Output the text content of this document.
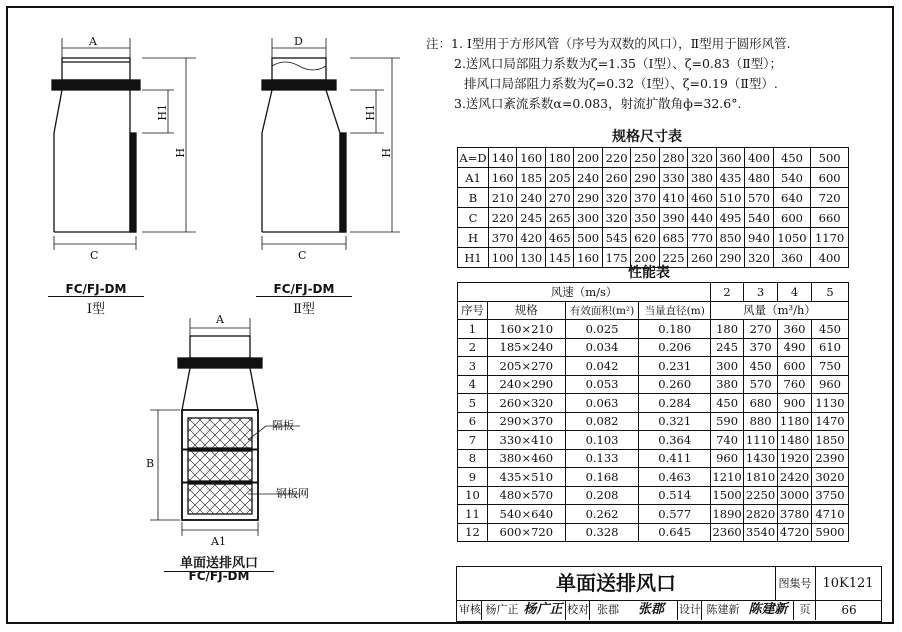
A
H1
H
C
FC/FJ-DM
Ⅰ型
D
H1
H
C
FC/FJ-DM
Ⅱ型
A
B
A1
隔板
钢板网
单面送排风口
FC/FJ-DM
注：1. Ⅰ型用于方形风管（序号为双数的风口），Ⅱ型用于圆形风管.
2.送风口局部阻力系数为ζ=1.35（Ⅰ型）、ζ=0.83（Ⅱ型）；
排风口局部阻力系数为ζ=0.32（Ⅰ型）、ζ=0.19（Ⅱ型）.
3.送风口紊流系数α=0.083，射流扩散角ф=32.6°.
规格尺寸表
A=D	140	160	180	200	220	250	280	320	360	400	450	500
A1	160	185	205	240	260	290	330	380	435	480	540	600
B	210	240	270	290	320	370	410	460	510	570	640	720
C	220	245	265	300	320	350	390	440	495	540	600	660
H	370	420	465	500	545	620	685	770	850	940	1050	1170
H1	100	130	145	160	175	200	225	260	290	320	360	400
性能表
风速（m/s）				2	3	4	5
序号	规格	有效面积(m²)	当量直径(m)	风量（m³/h）			
1	160×210	0.025	0.180	180	270	360	450
2	185×240	0.034	0.206	245	370	490	610
3	205×270	0.042	0.231	300	450	600	750
4	240×290	0.053	0.260	380	570	760	960
5	260×320	0.063	0.284	450	680	900	1130
6	290×370	0.082	0.321	590	880	1180	1470
7	330×410	0.103	0.364	740	1110	1480	1850
8	380×460	0.133	0.411	960	1430	1920	2390
9	435×510	0.168	0.463	1210	1810	2420	3020
10	480×570	0.208	0.514	1500	2250	3000	3750
11	540×640	0.262	0.577	1890	2820	3780	4710
12	600×720	0.328	0.645	2360	3540	4720	5900
单面送排风口	图集号 10K121
审核 杨广正 杨广正 校对 张郡	张郡	设计 陈建新 陈建新	页	66
